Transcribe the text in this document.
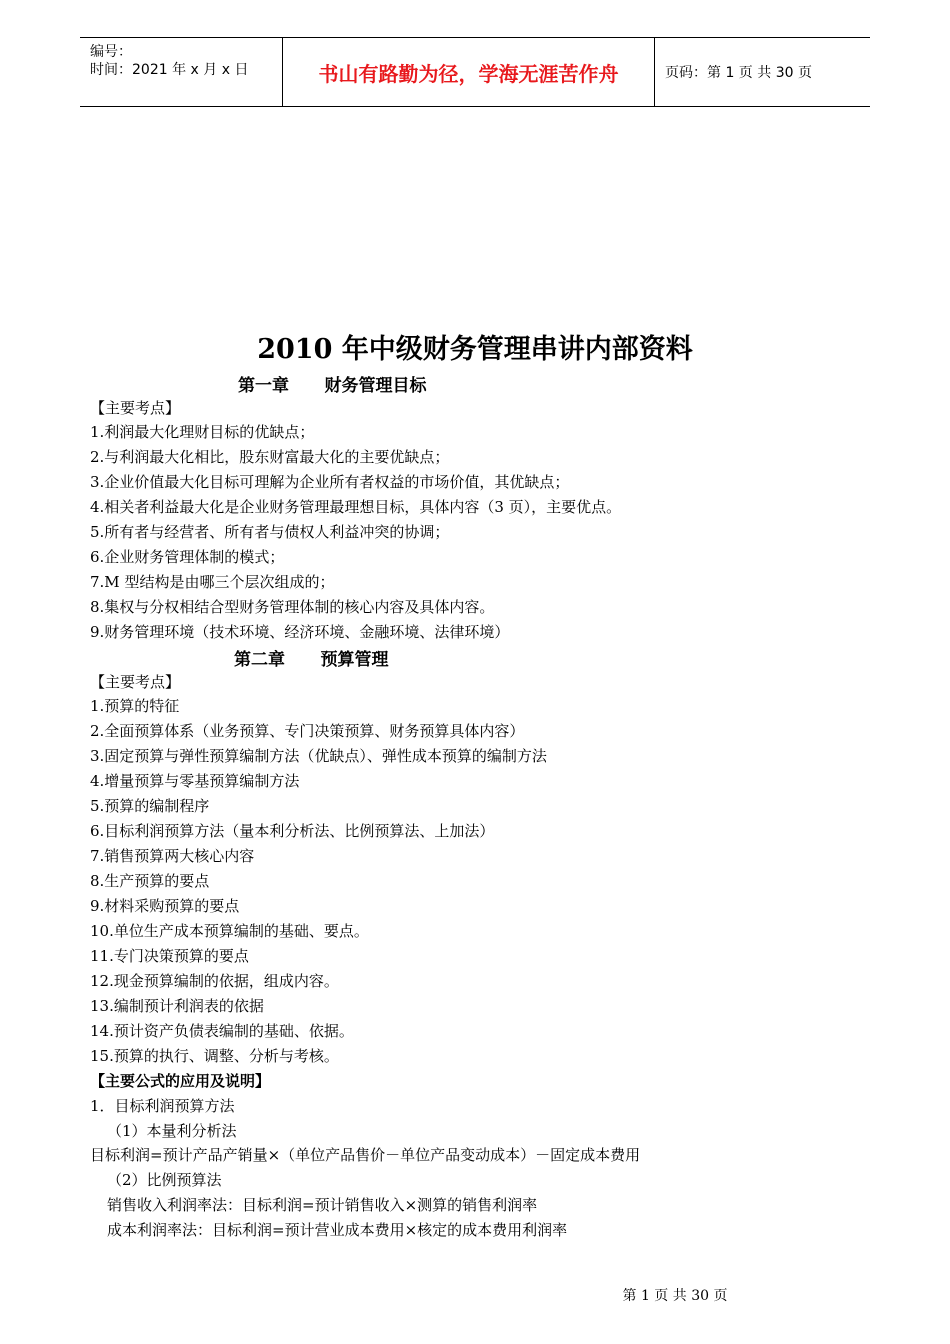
编号：
时间：2021 年 x 月 x 日	书山有路勤为径，学海无涯苦作舟	页码：第 1 页 共 30 页
2010 年中级财务管理串讲内部资料
第一章      财务管理目标
【主要考点】
1.利润最大化理财目标的优缺点；
2.与利润最大化相比，股东财富最大化的主要优缺点；
3.企业价值最大化目标可理解为企业所有者权益的市场价值，其优缺点；
4.相关者利益最大化是企业财务管理最理想目标，具体内容（3 页），主要优点。
5.所有者与经营者、所有者与债权人利益冲突的协调；
6.企业财务管理体制的模式；
7.M 型结构是由哪三个层次组成的；
8.集权与分权相结合型财务管理体制的核心内容及具体内容。
9.财务管理环境（技术环境、经济环境、金融环境、法律环境）
第二章      预算管理
【主要考点】
1.预算的特征
2.全面预算体系（业务预算、专门决策预算、财务预算具体内容）
3.固定预算与弹性预算编制方法（优缺点）、弹性成本预算的编制方法
4.增量预算与零基预算编制方法
5.预算的编制程序
6.目标利润预算方法（量本利分析法、比例预算法、上加法）
7.销售预算两大核心内容
8.生产预算的要点
9.材料采购预算的要点
10.单位生产成本预算编制的基础、要点。
11.专门决策预算的要点
12.现金预算编制的依据，组成内容。
13.编制预计利润表的依据
14.预计资产负债表编制的基础、依据。
15.预算的执行、调整、分析与考核。
【主要公式的应用及说明】
1．目标利润预算方法
（1）本量利分析法
目标利润=预计产品产销量×（单位产品售价－单位产品变动成本）－固定成本费用
（2）比例预算法
销售收入利润率法：目标利润=预计销售收入×测算的销售利润率
成本利润率法：目标利润=预计营业成本费用×核定的成本费用利润率
第 1 页 共 30 页
